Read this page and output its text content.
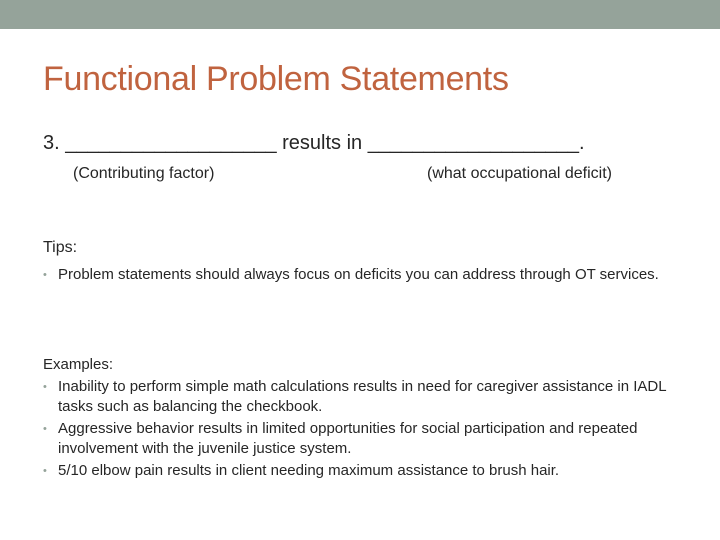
Functional Problem Statements
3. ___________________ results in ___________________.
(Contributing factor)	(what occupational deficit)
Tips:
• Problem statements should always focus on deficits you can address through OT services.
Examples:
• Inability to perform simple math calculations results in need for caregiver assistance in IADL tasks such as balancing the checkbook.
• Aggressive behavior results in limited opportunities for social participation and repeated involvement with the juvenile justice system.
• 5/10 elbow pain results in client needing maximum assistance to brush hair.
